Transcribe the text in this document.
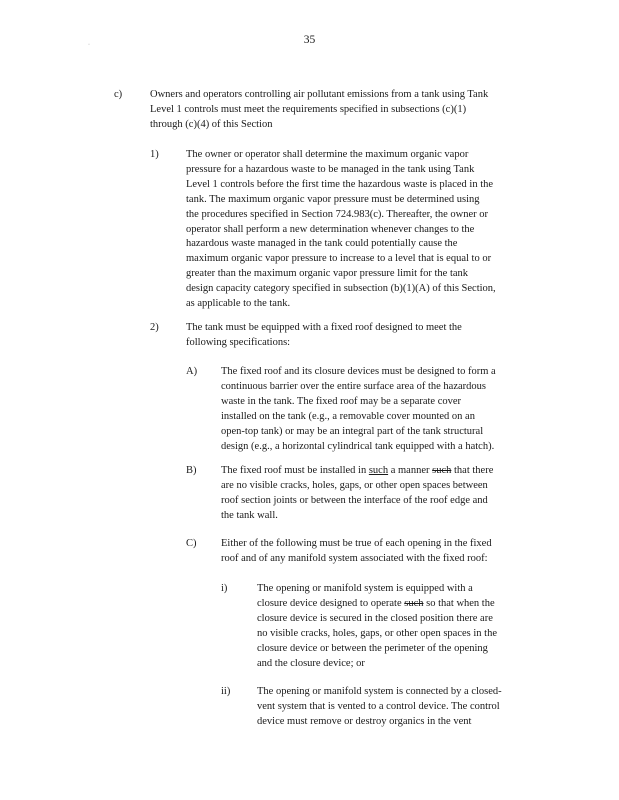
35
·
c)	Owners and operators controlling air pollutant emissions from a tank using Tank
Level 1 controls must meet the requirements specified in subsections (c)(1)
through (c)(4) of this Section
1)	The owner or operator shall determine the maximum organic vapor
pressure for a hazardous waste to be managed in the tank using Tank
Level 1 controls before the first time the hazardous waste is placed in the
tank. The maximum organic vapor pressure must be determined using
the procedures specified in Section 724.983(c). Thereafter, the owner or
operator shall perform a new determination whenever changes to the
hazardous waste managed in the tank could potentially cause the
maximum organic vapor pressure to increase to a level that is equal to or
greater than the maximum organic vapor pressure limit for the tank
design capacity category specified in subsection (b)(1)(A) of this Section,
as applicable to the tank.
2)	The tank must be equipped with a fixed roof designed to meet the
following specifications:
A) The fixed roof and its closure devices must be designed to form a
continuous barrier over the entire surface area of the hazardous
waste in the tank. The fixed roof may be a separate cover
installed on the tank (e.g., a removable cover mounted on an
open-top tank) or may be an integral part of the tank structural
design (e.g., a horizontal cylindrical tank equipped with a hatch).
B) The fixed roof must be installed in such a manner such that there
are no visible cracks, holes, gaps, or other open spaces between
roof section joints or between the interface of the roof edge and
the tank wall.
C) Either of the following must be true of each opening in the fixed
roof and of any manifold system associated with the fixed roof:
i)	The opening or manifold system is equipped with a
closure device designed to operate such so that when the
closure device is secured in the closed position there are
no visible cracks, holes, gaps, or other open spaces in the
closure device or between the perimeter of the opening
and the closure device; or
ii)	The opening or manifold system is connected by a closed-
vent system that is vented to a control device. The control
device must remove or destroy organics in the vent
